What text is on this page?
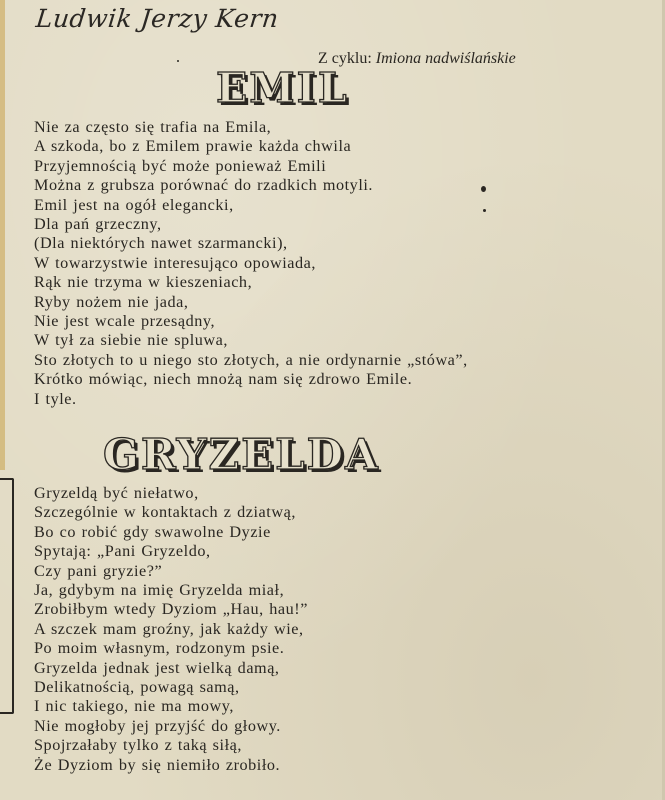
Ludwik Jerzy Kern
Z cyklu: Imiona nadwiślańskie
EMIL
Nie za często się trafia na Emila,
A szkoda, bo z Emilem prawie każda chwila
Przyjemnością być może ponieważ Emili
Można z grubsza porównać do rzadkich motyli.
Emil jest na ogół elegancki,
Dla pań grzeczny,
(Dla niektórych nawet szarmancki),
W towarzystwie interesująco opowiada,
Rąk nie trzyma w kieszeniach,
Ryby nożem nie jada,
Nie jest wcale przesądny,
W tył za siebie nie spluwa,
Sto złotych to u niego sto złotych, a nie ordynarnie „stówa”,
Krótko mówiąc, niech mnożą nam się zdrowo Emile.
I tyle.
GRYZELDA
Gryzeldą być niełatwo,
Szczególnie w kontaktach z dziatwą,
Bo co robić gdy swawolne Dyzie
Spytają: „Pani Gryzeldo,
Czy pani gryzie?”
Ja, gdybym na imię Gryzelda miał,
Zrobiłbym wtedy Dyziom „Hau, hau!”
A szczek mam groźny, jak każdy wie,
Po moim własnym, rodzonym psie.
Gryzelda jednak jest wielką damą,
Delikatnością, powagą samą,
I nic takiego, nie ma mowy,
Nie mogłoby jej przyjść do głowy.
Spojrzałaby tylko z taką siłą,
Że Dyziom by się niemiło zrobiło.
